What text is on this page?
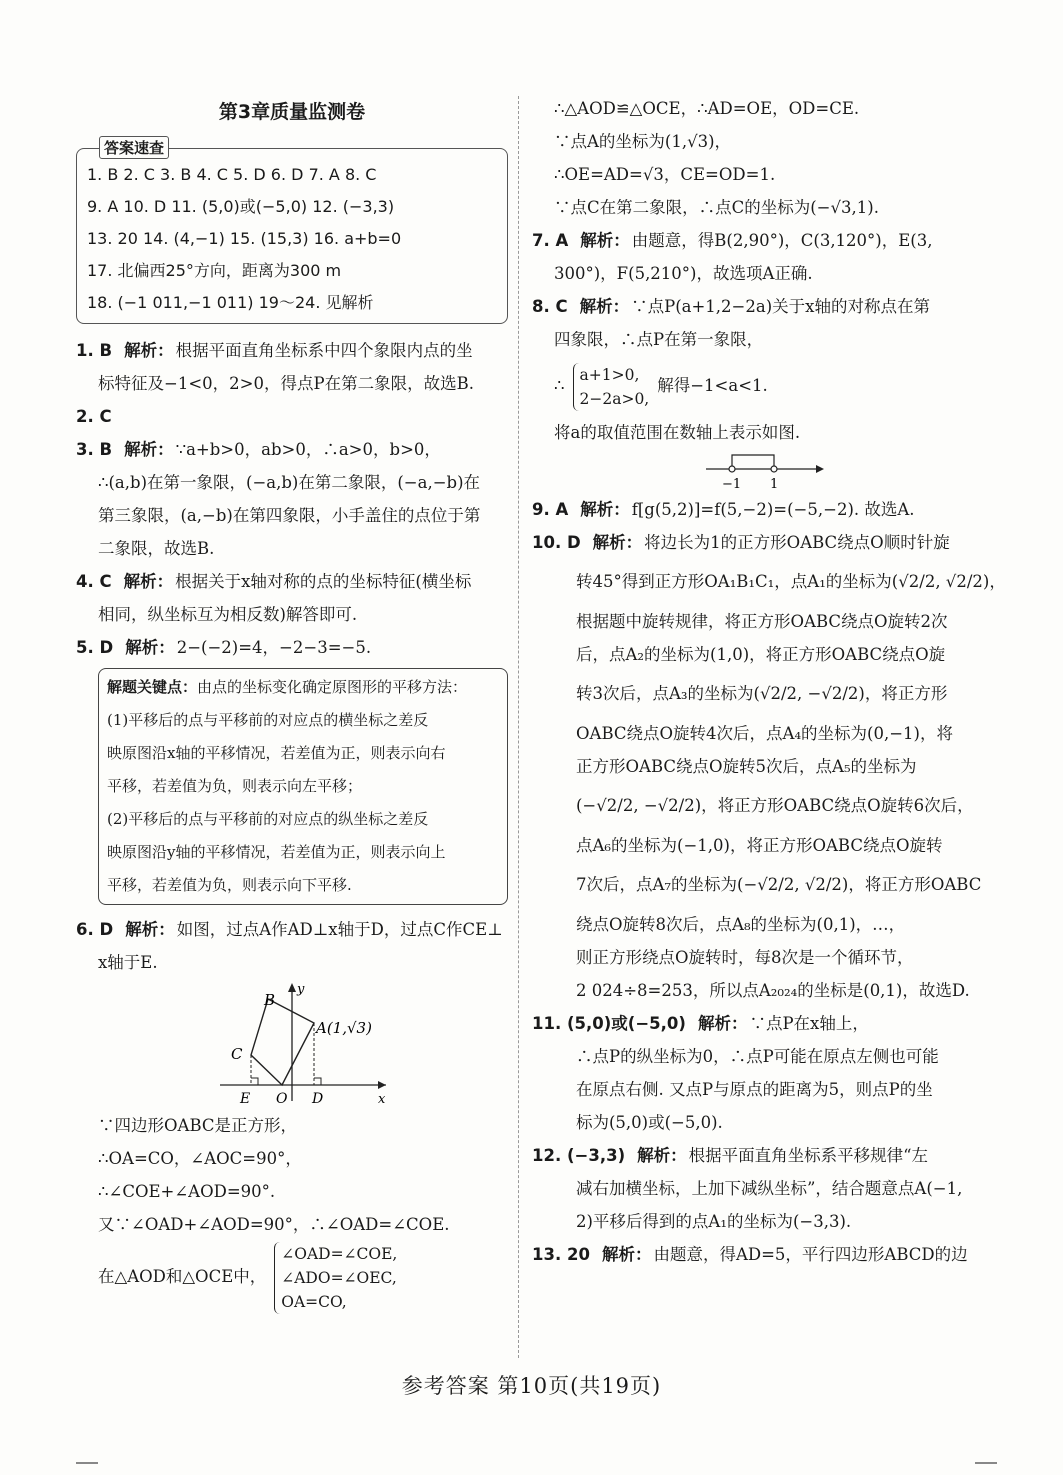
第3章质量监测卷
答案速查
1. B 2. C 3. B 4. C 5. D 6. D 7. A 8. C
9. A 10. D 11. (5,0)或(−5,0) 12. (−3,3)
13. 20 14. (4,−1) 15. (15,3) 16. a+b=0
17. 北偏西25°方向，距离为300 m
18. (−1 011,−1 011) 19～24. 见解析
1. B 解析： 根据平面直角坐标系中四个象限内点的坐
标特征及−1<0，2>0，得点P在第二象限，故选B.
2. C
3. B 解析： ∵a+b>0，ab>0，∴a>0，b>0，
∴(a,b)在第一象限，(−a,b)在第二象限，(−a,−b)在
第三象限，(a,−b)在第四象限，小手盖住的点位于第
二象限，故选B.
4. C 解析： 根据关于x轴对称的点的坐标特征(横坐标
相同，纵坐标互为相反数)解答即可.
5. D 解析： 2−(−2)=4，−2−3=−5.
解题关键点：由点的坐标变化确定原图形的平移方法：
(1)平移后的点与平移前的对应点的横坐标之差反
映原图沿x轴的平移情况，若差值为正，则表示向右
平移，若差值为负，则表示向左平移；
(2)平移后的点与平移前的对应点的纵坐标之差反
映原图沿y轴的平移情况，若差值为正，则表示向上
平移，若差值为负，则表示向下平移.
6. D 解析： 如图，过点A作AD⊥x轴于D，过点C作CE⊥
x轴于E.
B
y
A(1,√3)
C
E O D	x
∵四边形OABC是正方形，
∴OA=CO，∠AOC=90°，
∴∠COE+∠AOD=90°.
又∵∠OAD+∠AOD=90°，∴∠OAD=∠COE.
在△AOD和△OCE中，
∠OAD=∠COE,
∠ADO=∠OEC,
OA=CO,
∴△AOD≌△OCE，∴AD=OE，OD=CE.
∵点A的坐标为(1,√3)，
∴OE=AD=√3，CE=OD=1.
∵点C在第二象限，∴点C的坐标为(−√3,1).
7. A 解析： 由题意，得B(2,90°)，C(3,120°)，E(3,
300°)，F(5,210°)，故选项A正确.
8. C 解析： ∵点P(a+1,2−2a)关于x轴的对称点在第
四象限，∴点P在第一象限，
∴
a+1>0,
2−2a>0,
解得−1<a<1.
将a的取值范围在数轴上表示如图.
−1 1
9. A 解析： f[g(5,2)]=f(5,−2)=(−5,−2). 故选A.
10. D 解析： 将边长为1的正方形OABC绕点O顺时针旋
转45°得到正方形OA₁B₁C₁，点A₁的坐标为(√2/2, √2/2)，
根据题中旋转规律，将正方形OABC绕点O旋转2次
后，点A₂的坐标为(1,0)，将正方形OABC绕点O旋
转3次后，点A₃的坐标为(√2/2, −√2/2)，将正方形
OABC绕点O旋转4次后，点A₄的坐标为(0,−1)，将
正方形OABC绕点O旋转5次后，点A₅的坐标为
(−√2/2, −√2/2)，将正方形OABC绕点O旋转6次后，
点A₆的坐标为(−1,0)，将正方形OABC绕点O旋转
7次后，点A₇的坐标为(−√2/2, √2/2)，将正方形OABC
绕点O旋转8次后，点A₈的坐标为(0,1)，…，
则正方形绕点O旋转时，每8次是一个循环节，
2 024÷8=253，所以点A₂₀₂₄的坐标是(0,1)，故选D.
11. (5,0)或(−5,0) 解析： ∵点P在x轴上，
∴点P的纵坐标为0，∴点P可能在原点左侧也可能
在原点右侧. 又点P与原点的距离为5，则点P的坐
标为(5,0)或(−5,0).
12. (−3,3) 解析： 根据平面直角坐标系平移规律“左
减右加横坐标，上加下减纵坐标”，结合题意点A(−1,
2)平移后得到的点A₁的坐标为(−3,3).
13. 20 解析： 由题意，得AD=5，平行四边形ABCD的边
参考答案 第10页(共19页)
